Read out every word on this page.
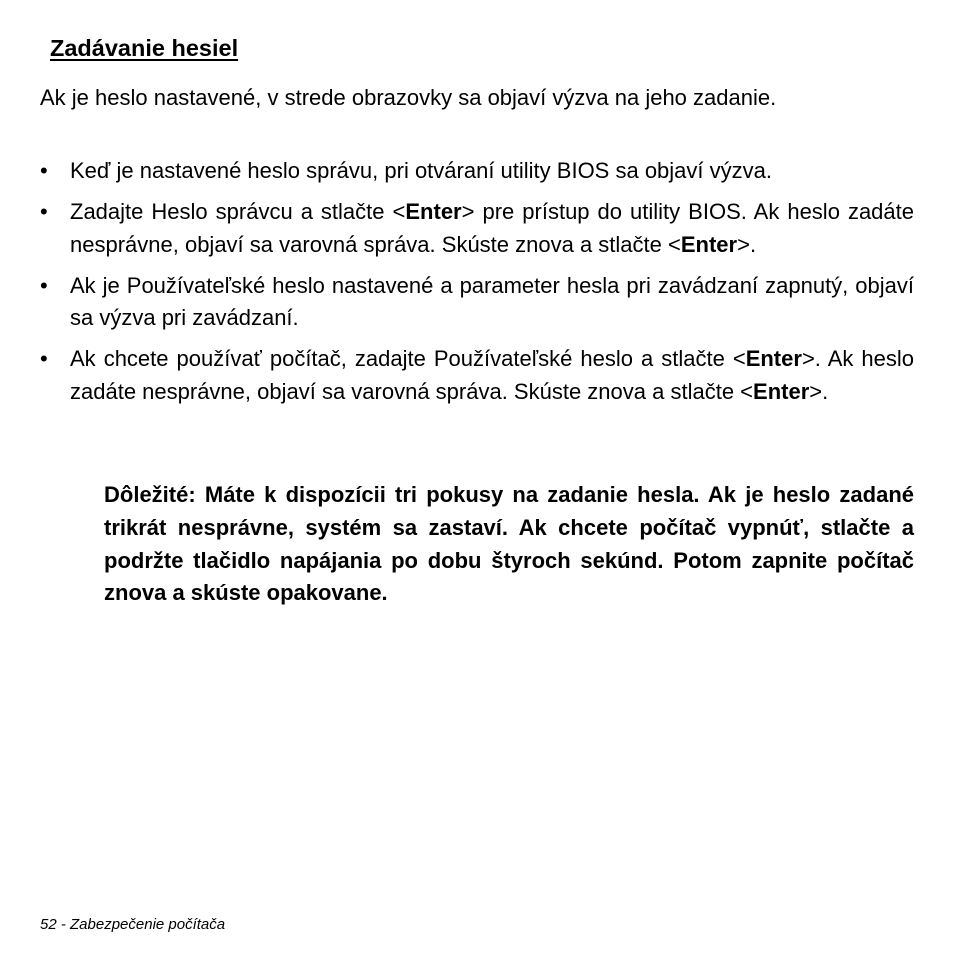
Zadávanie hesiel
Ak je heslo nastavené, v strede obrazovky sa objaví výzva na jeho zadanie.
• Keď je nastavené heslo správu, pri otváraní utility BIOS sa objaví výzva.
• Zadajte Heslo správcu a stlačte <Enter> pre prístup do utility BIOS. Ak heslo zadáte nesprávne, objaví sa varovná správa. Skúste znova a stlačte <Enter>.
• Ak je Používateľské heslo nastavené a parameter hesla pri zavádzaní zapnutý, objaví sa výzva pri zavádzaní.
• Ak chcete používať počítač, zadajte Používateľské heslo a stlačte <Enter>. Ak heslo zadáte nesprávne, objaví sa varovná správa. Skúste znova a stlačte <Enter>.
Dôležité: Máte k dispozícii tri pokusy na zadanie hesla. Ak je heslo zadané trikrát nesprávne, systém sa zastaví. Ak chcete počítač vypnúť, stlačte a podržte tlačidlo napájania po dobu štyroch sekúnd. Potom zapnite počítač znova a skúste opakovane.
52 - Zabezpečenie počítača
